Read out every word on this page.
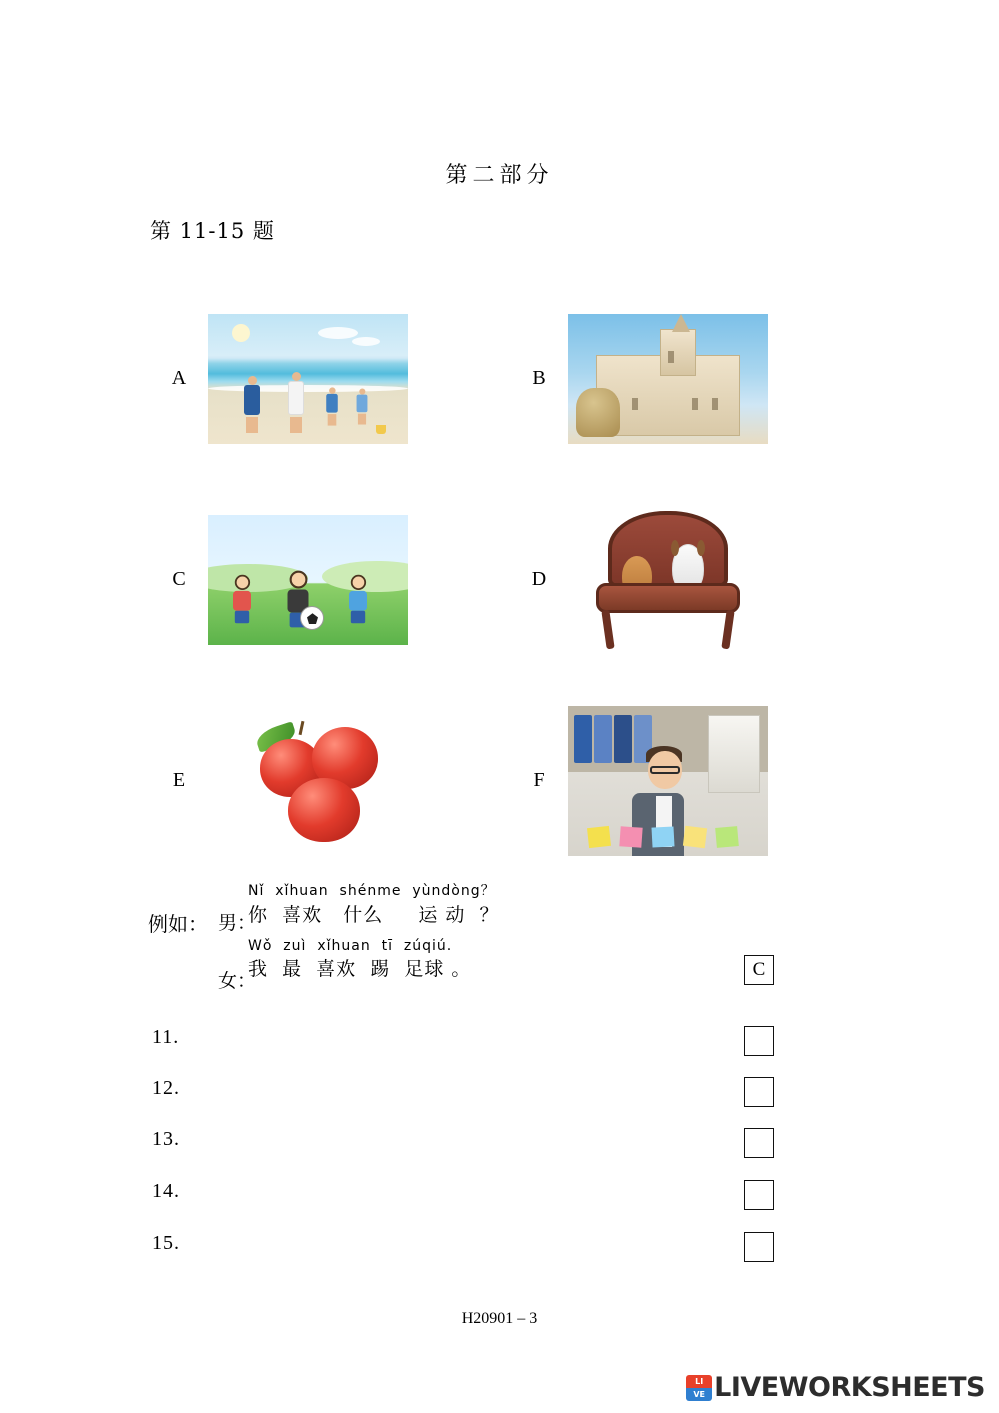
第二部分
第 11-15 题
A	B
C	D
E	F
例如： 男：
Nǐ  xǐhuan  shénme  yùndòng？
你  喜欢   什么     运 动  ？
女：
Wǒ  zuì  xǐhuan  tī  zúqiú.
我  最  喜欢  踢  足球 。	C
11.
12.
13.
14.
15.
H20901 – 3
LI
VE LIVEWORKSHEETS
